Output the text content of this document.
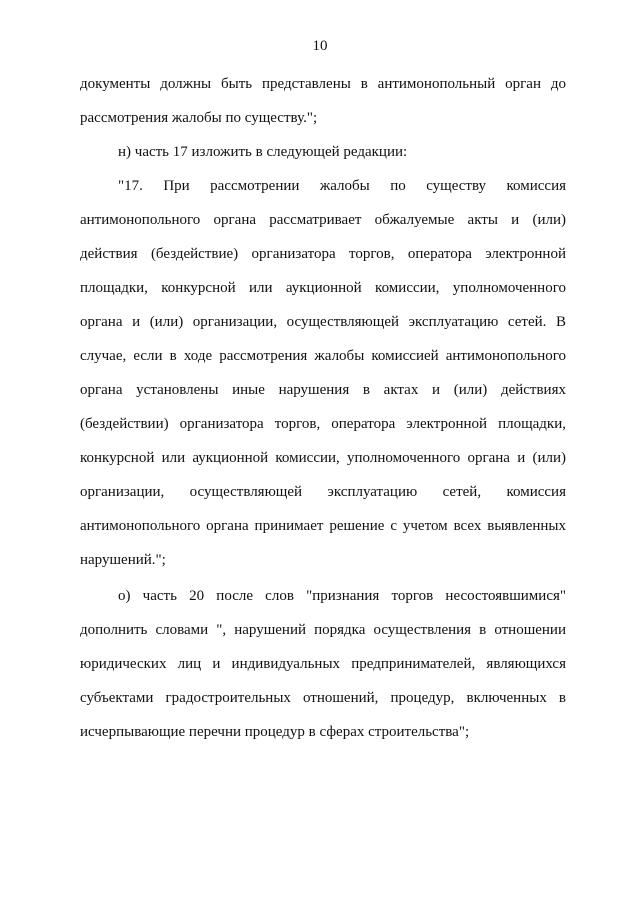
10
документы должны быть представлены в антимонопольный орган до
рассмотрения жалобы по существу.";
н) часть 17 изложить в следующей редакции:
"17. При рассмотрении жалобы по существу комиссия
антимонопольного органа рассматривает обжалуемые акты и (или)
действия (бездействие) организатора торгов, оператора электронной
площадки, конкурсной или аукционной комиссии, уполномоченного
органа и (или) организации, осуществляющей эксплуатацию сетей. В
случае, если в ходе рассмотрения жалобы комиссией антимонопольного
органа установлены иные нарушения в актах и (или) действиях
(бездействии) организатора торгов, оператора электронной площадки,
конкурсной или аукционной комиссии, уполномоченного органа и (или)
организации, осуществляющей эксплуатацию сетей, комиссия
антимонопольного органа принимает решение с учетом всех выявленных
нарушений.";
о) часть 20 после слов "признания торгов несостоявшимися"
дополнить словами ", нарушений порядка осуществления в отношении
юридических лиц и индивидуальных предпринимателей, являющихся
субъектами градостроительных отношений, процедур, включенных в
исчерпывающие перечни процедур в сферах строительства";
